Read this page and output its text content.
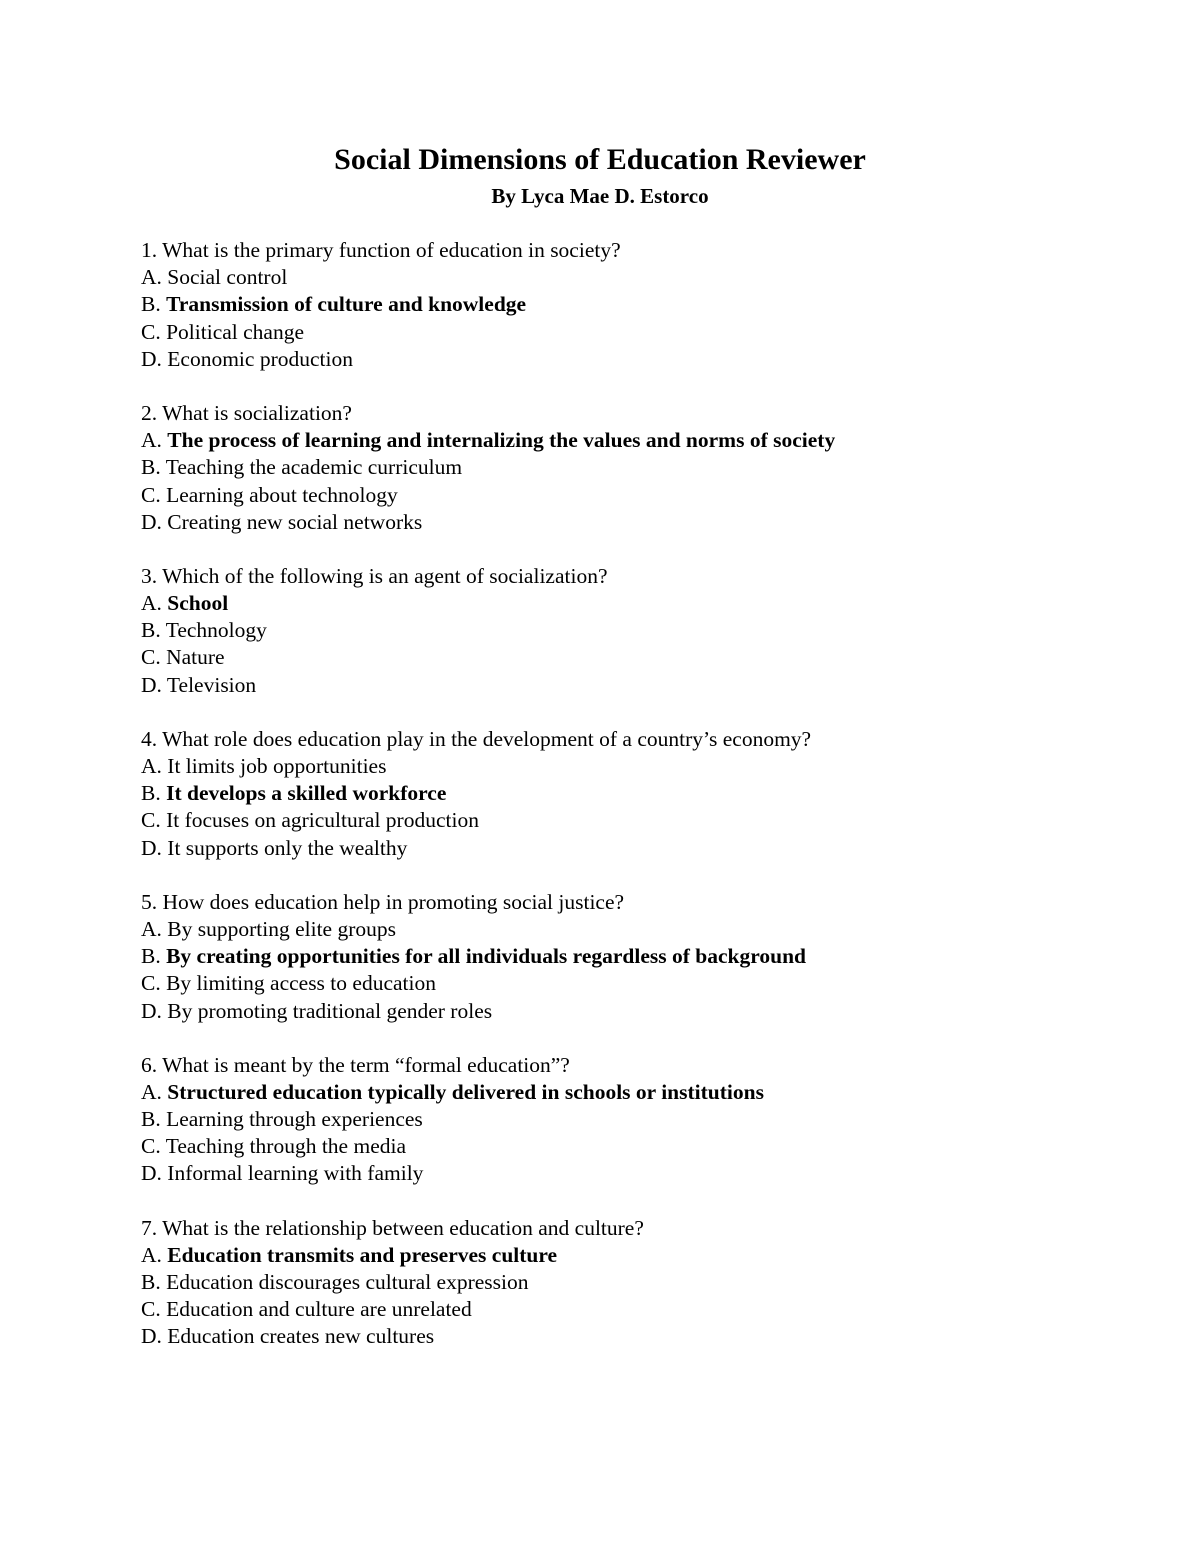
Social Dimensions of Education Reviewer

By Lyca Mae D. Estorco

1. What is the primary function of education in society?
A. Social control
B. Transmission of culture and knowledge
C. Political change
D. Economic production
2. What is socialization?
A. The process of learning and internalizing the values and norms of society
B. Teaching the academic curriculum
C. Learning about technology
D. Creating new social networks
3. Which of the following is an agent of socialization?
A. School
B. Technology
C. Nature
D. Television
4. What role does education play in the development of a country’s economy?
A. It limits job opportunities
B. It develops a skilled workforce
C. It focuses on agricultural production
D. It supports only the wealthy
5. How does education help in promoting social justice?
A. By supporting elite groups
B. By creating opportunities for all individuals regardless of background
C. By limiting access to education
D. By promoting traditional gender roles
6. What is meant by the term “formal education”?
A. Structured education typically delivered in schools or institutions
B. Learning through experiences
C. Teaching through the media
D. Informal learning with family
7. What is the relationship between education and culture?
A. Education transmits and preserves culture
B. Education discourages cultural expression
C. Education and culture are unrelated
D. Education creates new cultures
